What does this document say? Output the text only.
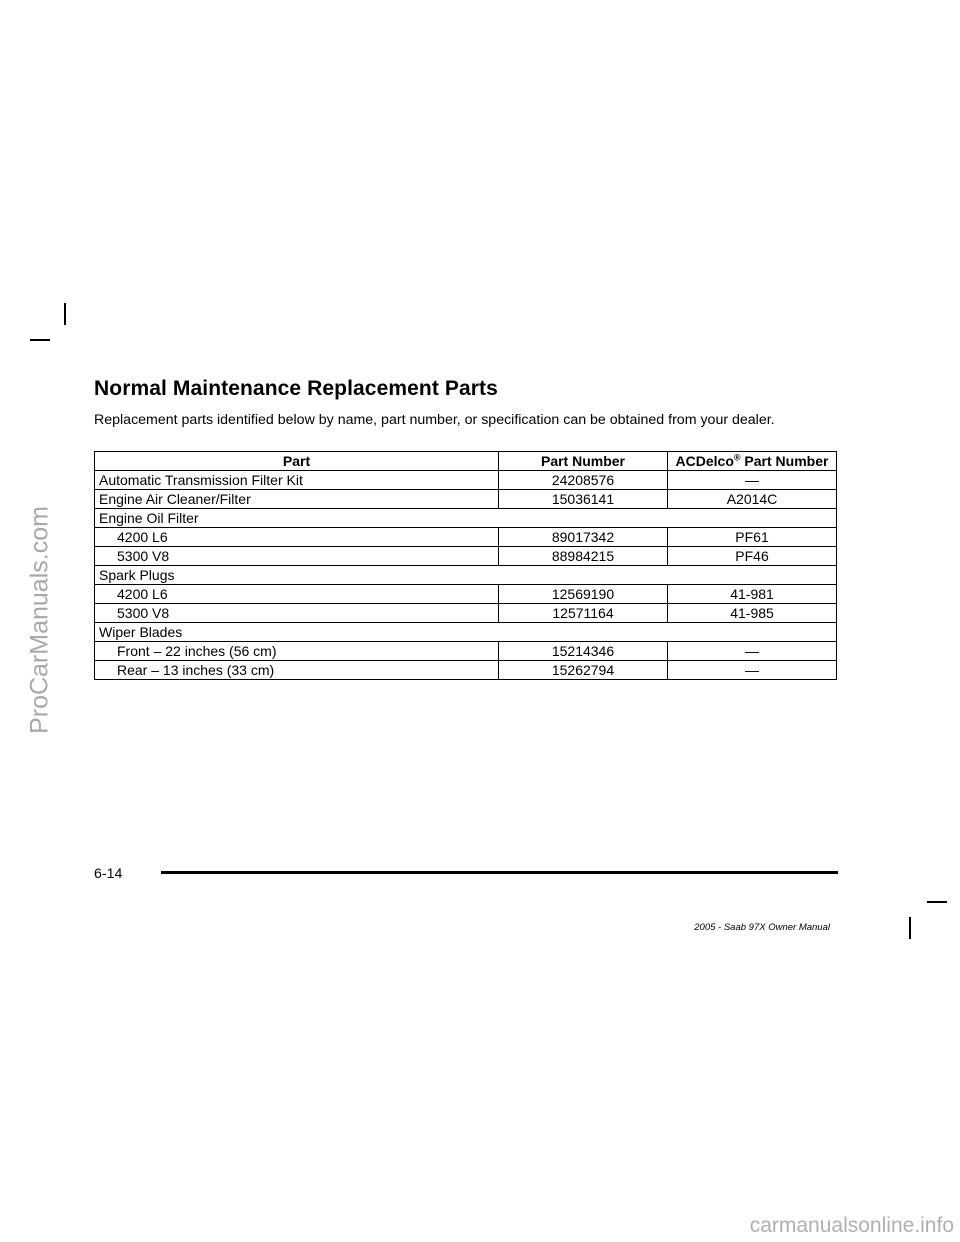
ProCarManuals.com
Normal Maintenance Replacement Parts

Replacement parts identified below by name, part number, or specification can be obtained from your dealer.

Part	Part Number	ACDelco® Part Number
Automatic Transmission Filter Kit	24208576	—
Engine Air Cleaner/Filter	15036141	A2014C
Engine Oil Filter		
4200 L6	89017342	PF61
5300 V8	88984215	PF46
Spark Plugs		
4200 L6	12569190	41-981
5300 V8	12571164	41-985
Wiper Blades		
Front – 22 inches (56 cm)	15214346	—
Rear – 13 inches (33 cm)	15262794	—
6-14
2005 - Saab 97X Owner Manual
carmanualsonline.info
